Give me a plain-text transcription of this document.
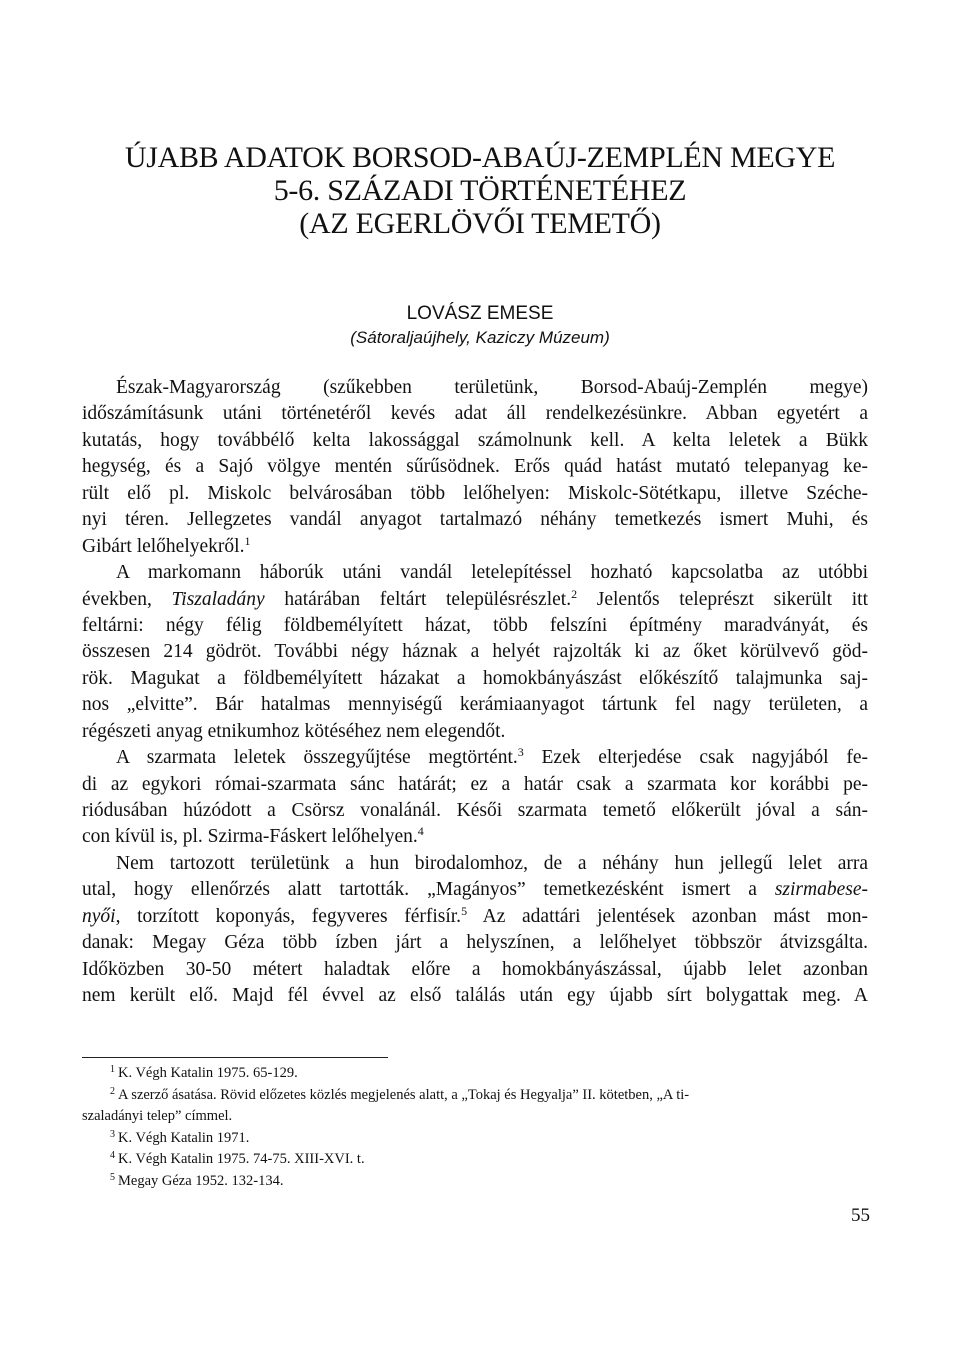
ÚJABB ADATOK BORSOD-ABAÚJ-ZEMPLÉN MEGYE
5-6. SZÁZADI TÖRTÉNETÉHEZ
(AZ EGERLÖVŐI TEMETŐ)
LOVÁSZ EMESE
(Sátoraljaújhely, Kaziczy Múzeum)
Észak-Magyarország (szűkebben területünk, Borsod-Abaúj-Zemplén megye)
időszámításunk utáni történetéről kevés adat áll rendelkezésünkre. Abban egyetért a
kutatás, hogy továbbélő kelta lakossággal számolnunk kell. A kelta leletek a Bükk
hegység, és a Sajó völgye mentén sűrűsödnek. Erős quád hatást mutató telepanyag ke-
rült elő pl. Miskolc belvárosában több lelőhelyen: Miskolc-Sötétkapu, illetve Széche-
nyi téren. Jellegzetes vandál anyagot tartalmazó néhány temetkezés ismert Muhi, és
Gibárt lelőhelyekről.$^1$
A markomann háborúk utáni vandál letelepítéssel hozható kapcsolatba az utóbbi
években, Tiszaladány határában feltárt településrészlet.$^2$ Jelentős teleprészt sikerült itt
feltárni: négy félig földbemélyített házat, több felszíni építmény maradványát, és
összesen 214 gödröt. További négy háznak a helyét rajzolták ki az őket körülvevő göd-
rök. Magukat a földbemélyített házakat a homokbányászást előkészítő talajmunka saj-
nos „elvitte”. Bár hatalmas mennyiségű kerámiaanyagot tártunk fel nagy területen, a
régészeti anyag etnikumhoz kötéséhez nem elegendőt.
A szarmata leletek összegyűjtése megtörtént.$^3$ Ezek elterjedése csak nagyjából fe-
di az egykori római-szarmata sánc határát; ez a határ csak a szarmata kor korábbi pe-
riódusában húzódott a Csörsz vonalánál. Késői szarmata temető előkerült jóval a sán-
con kívül is, pl. Szirma-Fáskert lelőhelyen.$^4$
Nem tartozott területünk a hun birodalomhoz, de a néhány hun jellegű lelet arra
utal, hogy ellenőrzés alatt tartották. „Magányos” temetkezésként ismert a szirmabese-
nyői, torzított koponyás, fegyveres férfisír.$^5$ Az adattári jelentések azonban mást mon-
danak: Megay Géza több ízben járt a helyszínen, a lelőhelyet többször átvizsgálta.
Időközben 30-50 métert haladtak előre a homokbányászással, újabb lelet azonban
nem került elő. Majd fél évvel az első találás után egy újabb sírt bolygattak meg. A
$^1$ K. Végh Katalin 1975. 65-129.
$^2$ A szerző ásatása. Rövid előzetes közlés megjelenés alatt, a „Tokaj és Hegyalja” II. kötetben, „A ti-
szaladányi telep” címmel.
$^3$ K. Végh Katalin 1971.
$^4$ K. Végh Katalin 1975. 74-75. XIII-XVI. t.
$^5$ Megay Géza 1952. 132-134.
55
